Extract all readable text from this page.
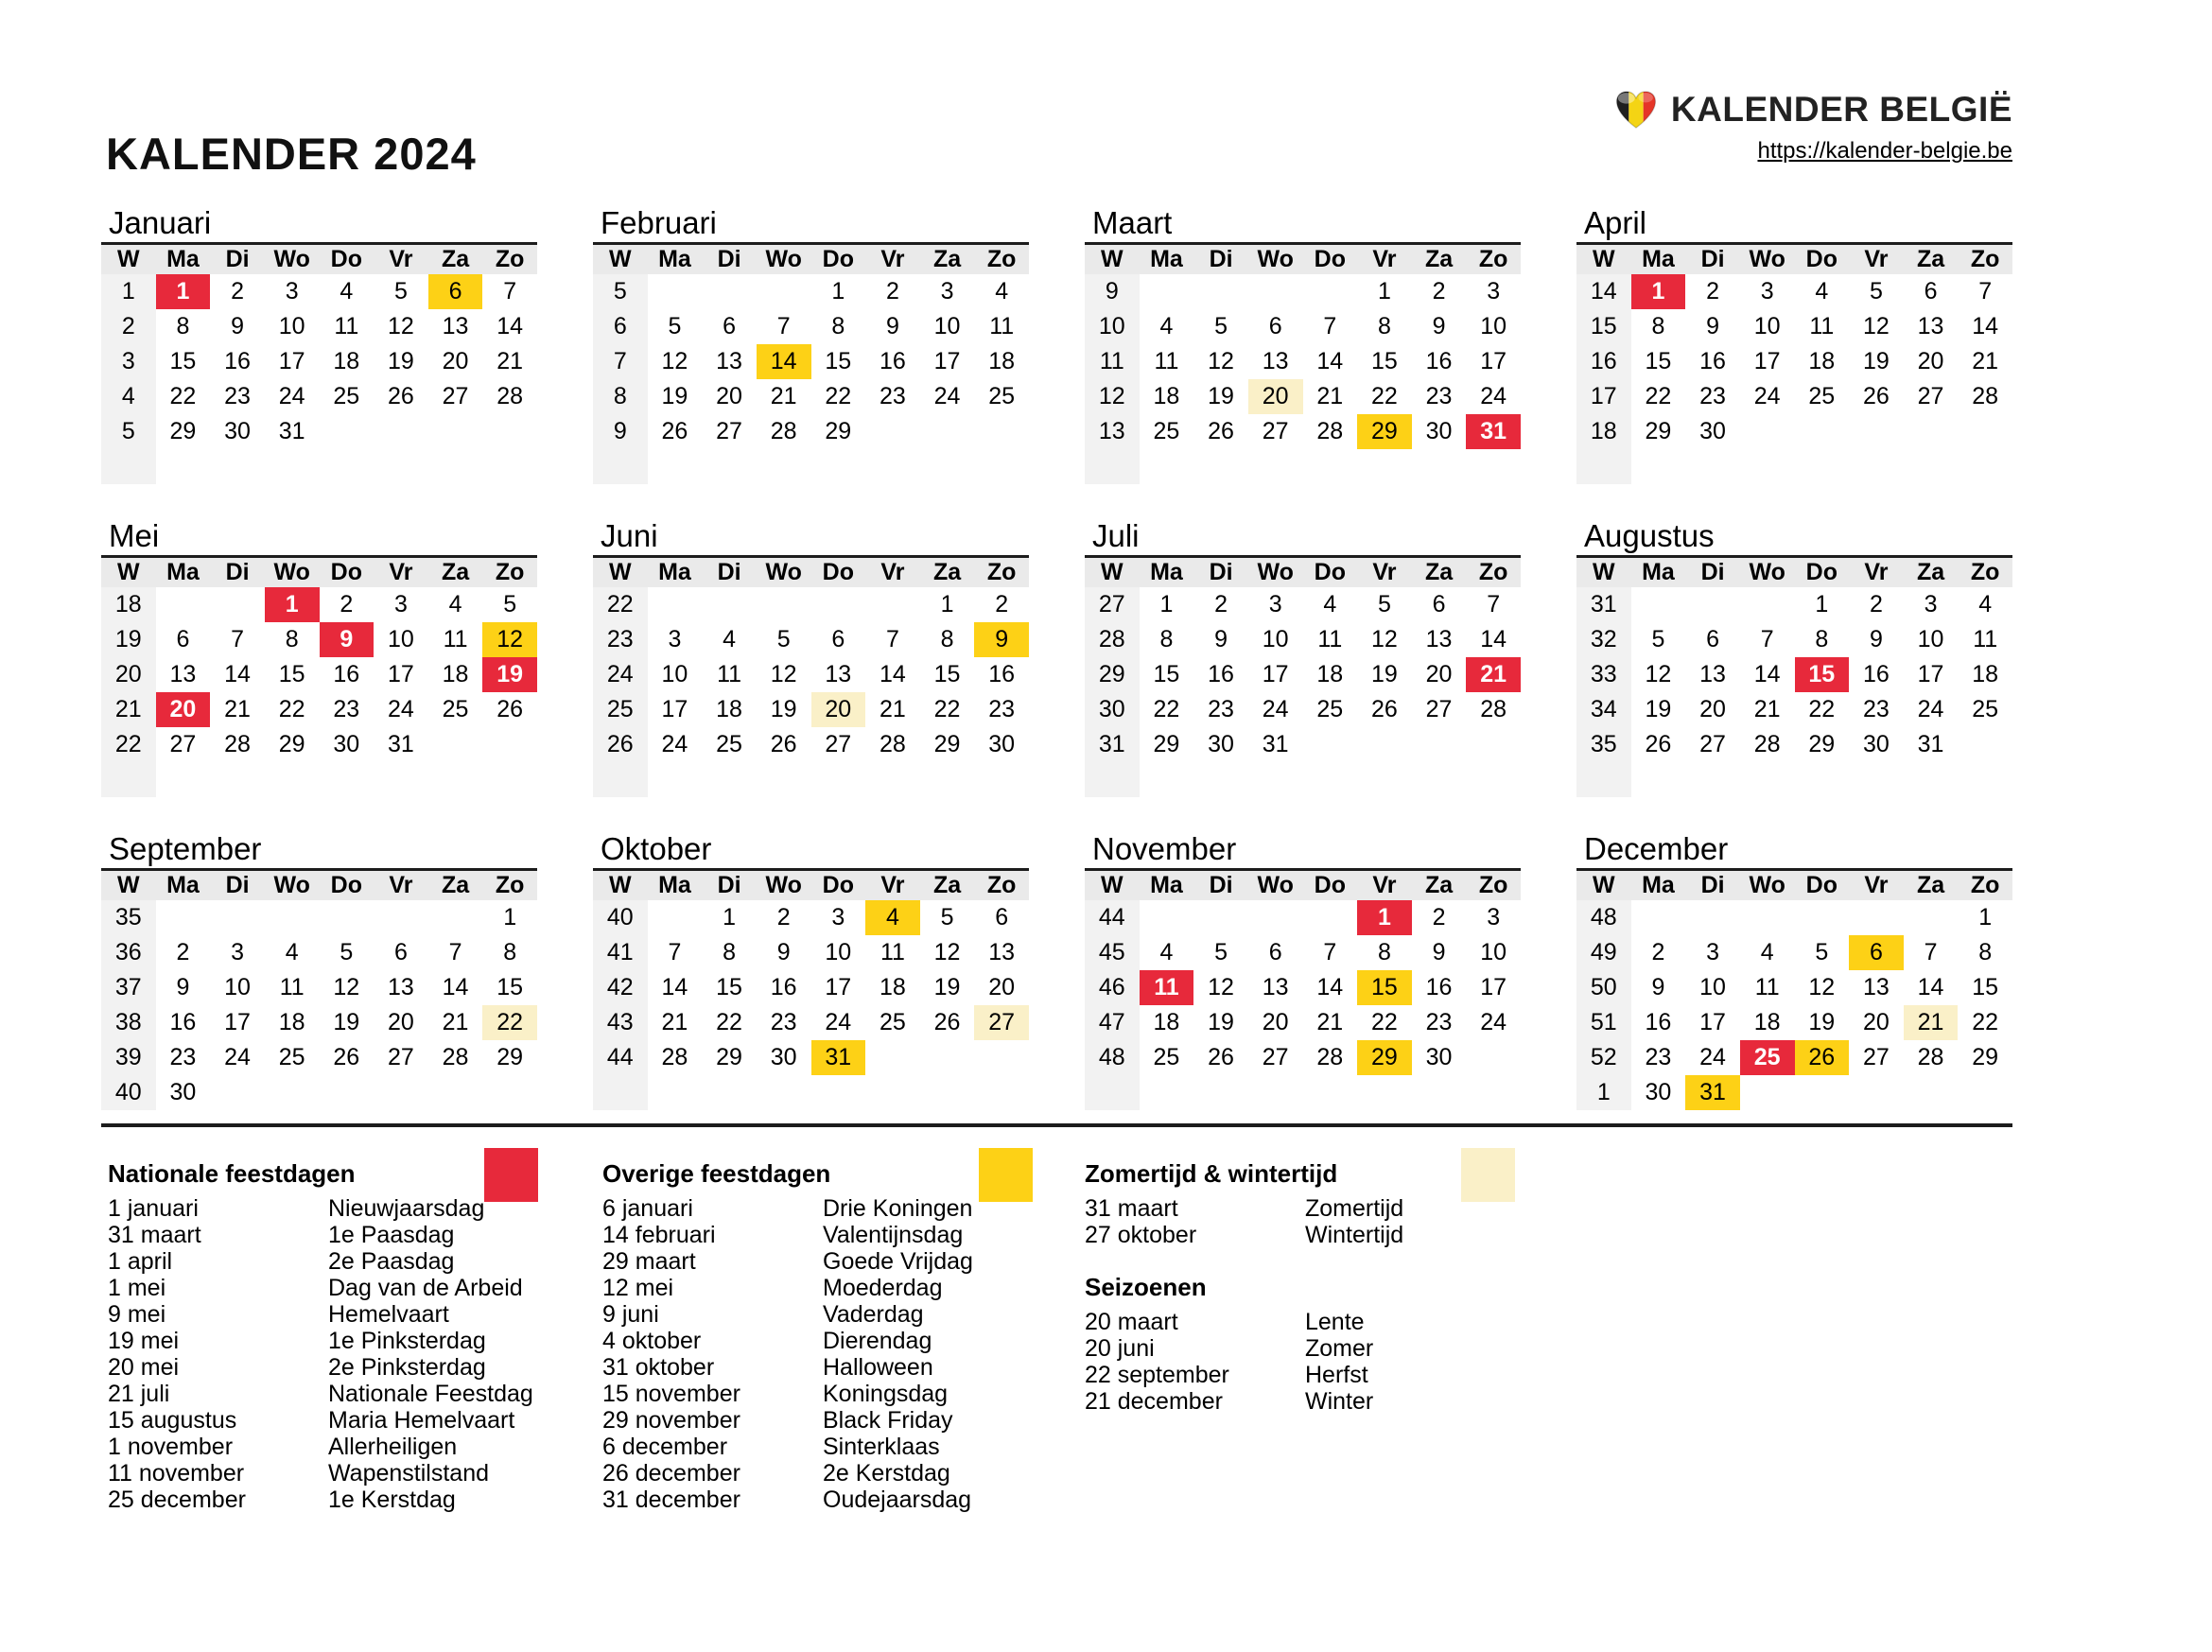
KALENDER 2024
KALENDER BELGIË
https://kalender-belgie.be
Januari
W	Ma	Di	Wo	Do	Vr	Za	Zo
1	1	2	3	4	5	6	7
2	8	9	10	11	12	13	14
3	15	16	17	18	19	20	21
4	22	23	24	25	26	27	28
5	29	30	31				

Februari
W	Ma	Di	Wo	Do	Vr	Za	Zo
5				1	2	3	4
6	5	6	7	8	9	10	11
7	12	13	14	15	16	17	18
8	19	20	21	22	23	24	25
9	26	27	28	29			

Maart
W	Ma	Di	Wo	Do	Vr	Za	Zo
9					1	2	3
10	4	5	6	7	8	9	10
11	11	12	13	14	15	16	17
12	18	19	20	21	22	23	24
13	25	26	27	28	29	30	31

April
W	Ma	Di	Wo	Do	Vr	Za	Zo
14	1	2	3	4	5	6	7
15	8	9	10	11	12	13	14
16	15	16	17	18	19	20	21
17	22	23	24	25	26	27	28
18	29	30					

Mei
W	Ma	Di	Wo	Do	Vr	Za	Zo
18			1	2	3	4	5
19	6	7	8	9	10	11	12
20	13	14	15	16	17	18	19
21	20	21	22	23	24	25	26
22	27	28	29	30	31		

Juni
W	Ma	Di	Wo	Do	Vr	Za	Zo
22						1	2
23	3	4	5	6	7	8	9
24	10	11	12	13	14	15	16
25	17	18	19	20	21	22	23
26	24	25	26	27	28	29	30

Juli
W	Ma	Di	Wo	Do	Vr	Za	Zo
27	1	2	3	4	5	6	7
28	8	9	10	11	12	13	14
29	15	16	17	18	19	20	21
30	22	23	24	25	26	27	28
31	29	30	31				

Augustus
W	Ma	Di	Wo	Do	Vr	Za	Zo
31				1	2	3	4
32	5	6	7	8	9	10	11
33	12	13	14	15	16	17	18
34	19	20	21	22	23	24	25
35	26	27	28	29	30	31	

September
W	Ma	Di	Wo	Do	Vr	Za	Zo
35							1
36	2	3	4	5	6	7	8
37	9	10	11	12	13	14	15
38	16	17	18	19	20	21	22
39	23	24	25	26	27	28	29
40	30						
Oktober
W	Ma	Di	Wo	Do	Vr	Za	Zo
40		1	2	3	4	5	6
41	7	8	9	10	11	12	13
42	14	15	16	17	18	19	20
43	21	22	23	24	25	26	27
44	28	29	30	31			

November
W	Ma	Di	Wo	Do	Vr	Za	Zo
44					1	2	3
45	4	5	6	7	8	9	10
46	11	12	13	14	15	16	17
47	18	19	20	21	22	23	24
48	25	26	27	28	29	30	

December
W	Ma	Di	Wo	Do	Vr	Za	Zo
48							1
49	2	3	4	5	6	7	8
50	9	10	11	12	13	14	15
51	16	17	18	19	20	21	22
52	23	24	25	26	27	28	29
1	30	31					
Nationale feestdagen
1 januari	Nieuwjaarsdag
31 maart	1e Paasdag
1 april	2e Paasdag
1 mei	Dag van de Arbeid
9 mei	Hemelvaart
19 mei	1e Pinksterdag
20 mei	2e Pinksterdag
21 juli	Nationale Feestdag
15 augustus	Maria Hemelvaart
1 november	Allerheiligen
11 november	Wapenstilstand
25 december	1e Kerstdag
Overige feestdagen
6 januari	Drie Koningen
14 februari	Valentijnsdag
29 maart	Goede Vrijdag
12 mei	Moederdag
9 juni	Vaderdag
4 oktober	Dierendag
31 oktober	Halloween
15 november	Koningsdag
29 november	Black Friday
6 december	Sinterklaas
26 december	2e Kerstdag
31 december	Oudejaarsdag
Zomertijd & wintertijd
31 maart	Zomertijd
27 oktober	Wintertijd
Seizoenen
20 maart	Lente
20 juni	Zomer
22 september	Herfst
21 december	Winter
